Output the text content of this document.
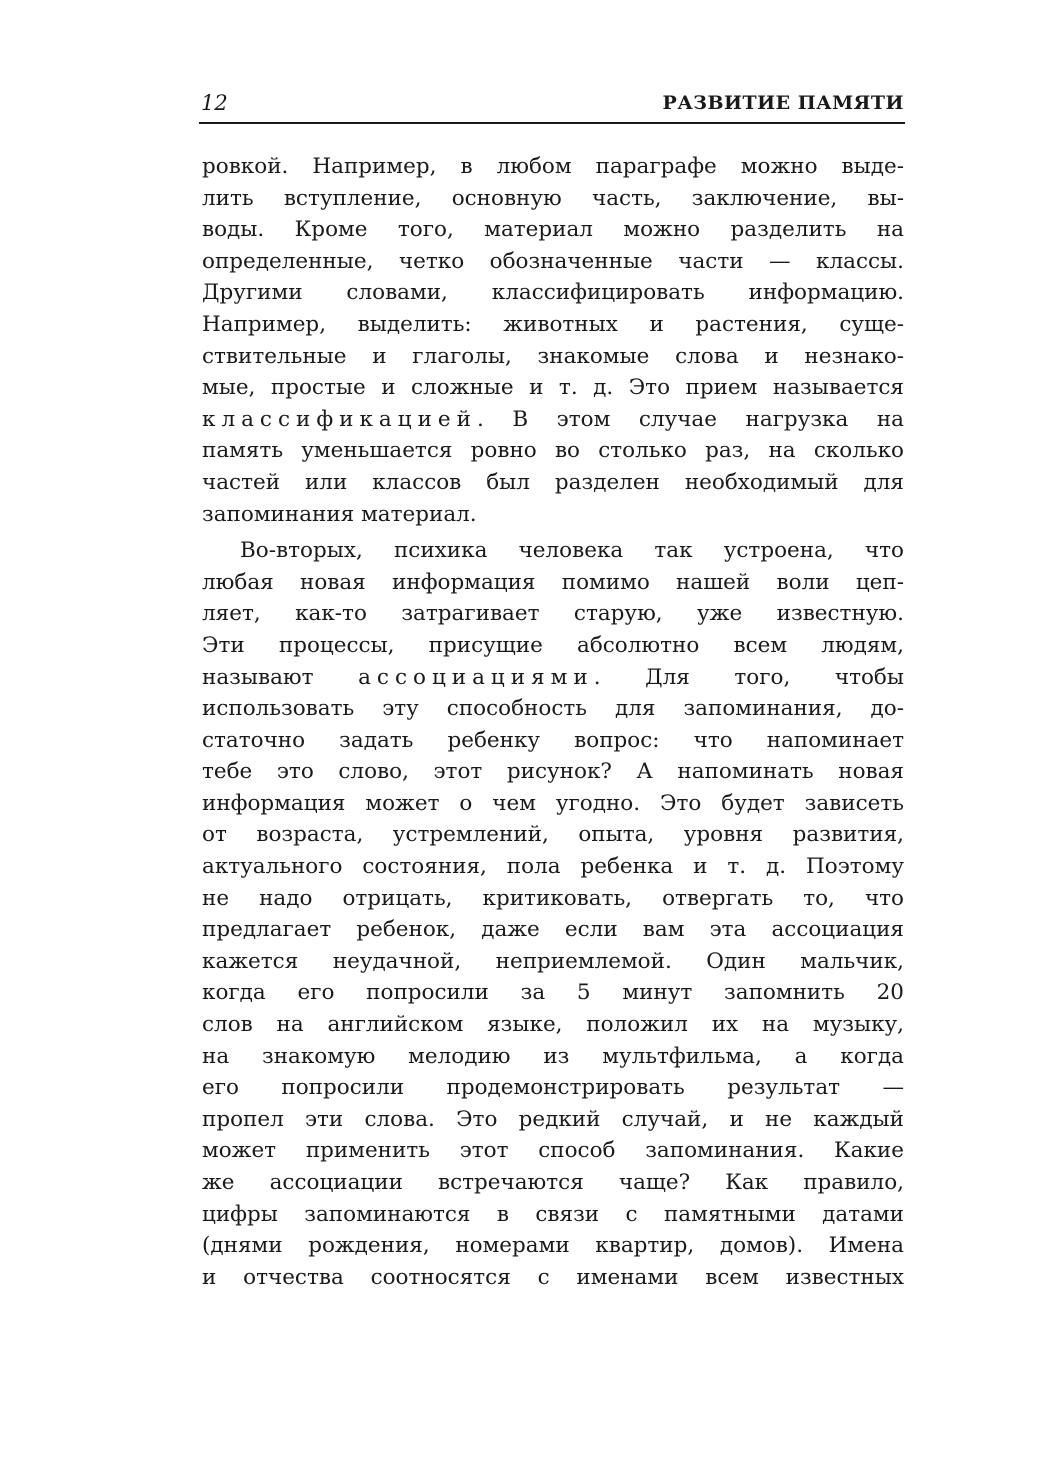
12	РАЗВИТИЕ ПАМЯТИ
ровкой. Например, в любом параграфе можно выде-
лить вступление, основную часть, заключение, вы-
воды. Кроме того, материал можно разделить на
определенные, четко обозначенные части — классы.
Другими словами, классифицировать информацию.
Например, выделить: животных и растения, суще-
ствительные и глаголы, знакомые слова и незнако-
мые, простые и сложные и т. д. Это прием называется
классификацией. В этом случае нагрузка на
память уменьшается ровно во столько раз, на сколько
частей или классов был разделен необходимый для
запоминания материал.
Во-вторых, психика человека так устроена, что
любая новая информация помимо нашей воли цеп-
ляет, как-то затрагивает старую, уже известную.
Эти процессы, присущие абсолютно всем людям,
называют ассоциациями. Для того, чтобы
использовать эту способность для запоминания, до-
статочно задать ребенку вопрос: что напоминает
тебе это слово, этот рисунок? А напоминать новая
информация может о чем угодно. Это будет зависеть
от возраста, устремлений, опыта, уровня развития,
актуального состояния, пола ребенка и т. д. Поэтому
не надо отрицать, критиковать, отвергать то, что
предлагает ребенок, даже если вам эта ассоциация
кажется неудачной, неприемлемой. Один мальчик,
когда его попросили за 5 минут запомнить 20
слов на английском языке, положил их на музыку,
на знакомую мелодию из мультфильма, а когда
его попросили продемонстрировать результат —
пропел эти слова. Это редкий случай, и не каждый
может применить этот способ запоминания. Какие
же ассоциации встречаются чаще? Как правило,
цифры запоминаются в связи с памятными датами
(днями рождения, номерами квартир, домов). Имена
и отчества соотносятся с именами всем известных
